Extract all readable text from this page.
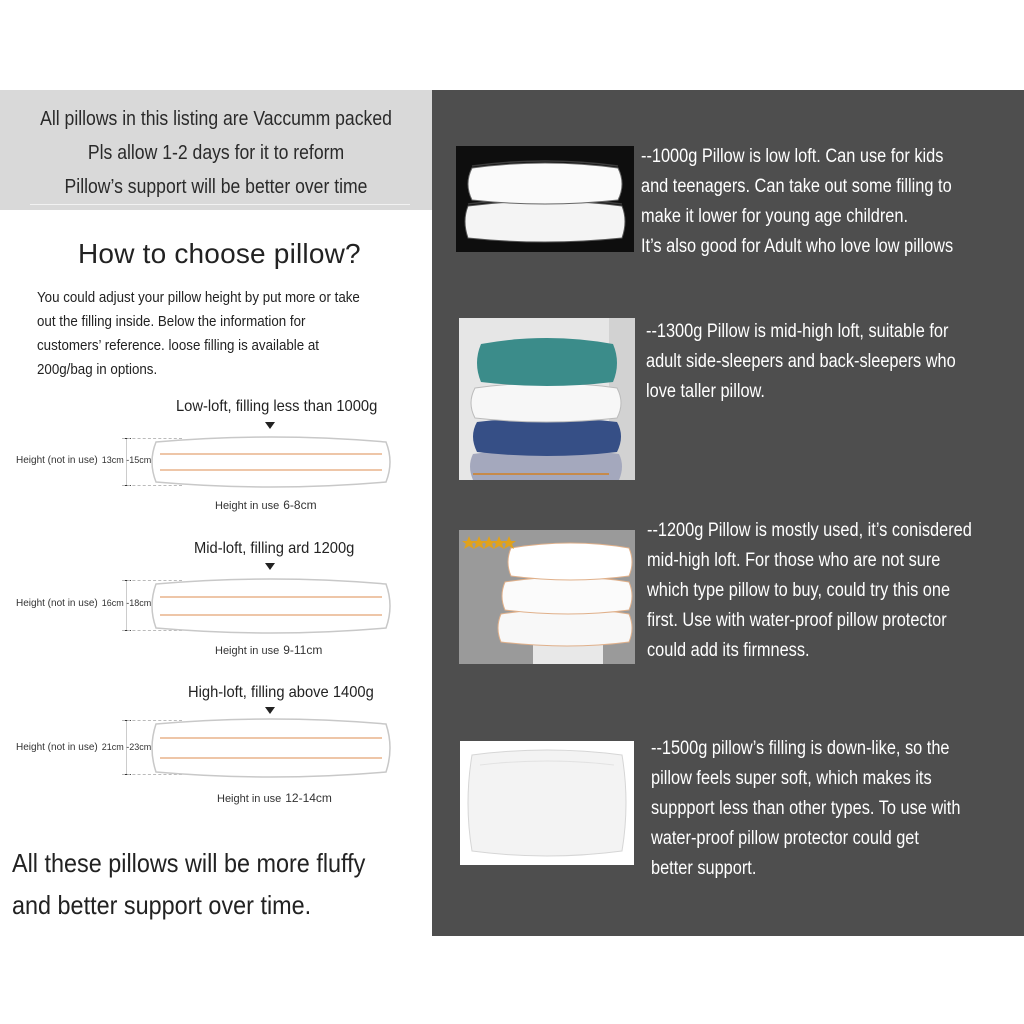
All pillows in this listing are Vaccumm packed
Pls allow 1-2 days for it to reform
Pillow’s support will be better over time
How to choose pillow?
You could adjust your pillow height by put more or take
out the filling inside. Below the information for
customers’ reference. loose filling is available at
200g/bag in options.
Low-loft, filling less than 1000g
Height (not in use) 13cm -15cm
Height in use 6-8cm
Mid-loft, filling ard 1200g
Height (not in use) 16cm -18cm
Height in use 9-11cm
High-loft, filling above 1400g
Height (not in use) 21cm -23cm
Height in use 12-14cm
All these pillows will be more fluffy
and better support over time.
--1000g Pillow is low loft. Can use for kids
and teenagers. Can take out some filling to
make it lower for young age children.
It’s also good for Adult who love low pillows
--1300g Pillow is mid-high loft, suitable for
adult side-sleepers and back-sleepers who
love taller pillow.
--1200g Pillow is mostly used, it’s conisdered
mid-high loft. For those who are not sure
which type pillow to buy, could try this one
first. Use with water-proof pillow protector
could add its firmness.
--1500g pillow’s filling is down-like, so the
pillow feels super soft, which makes its
suppport less than other types. To use with
water-proof pillow protector could get
better support.
